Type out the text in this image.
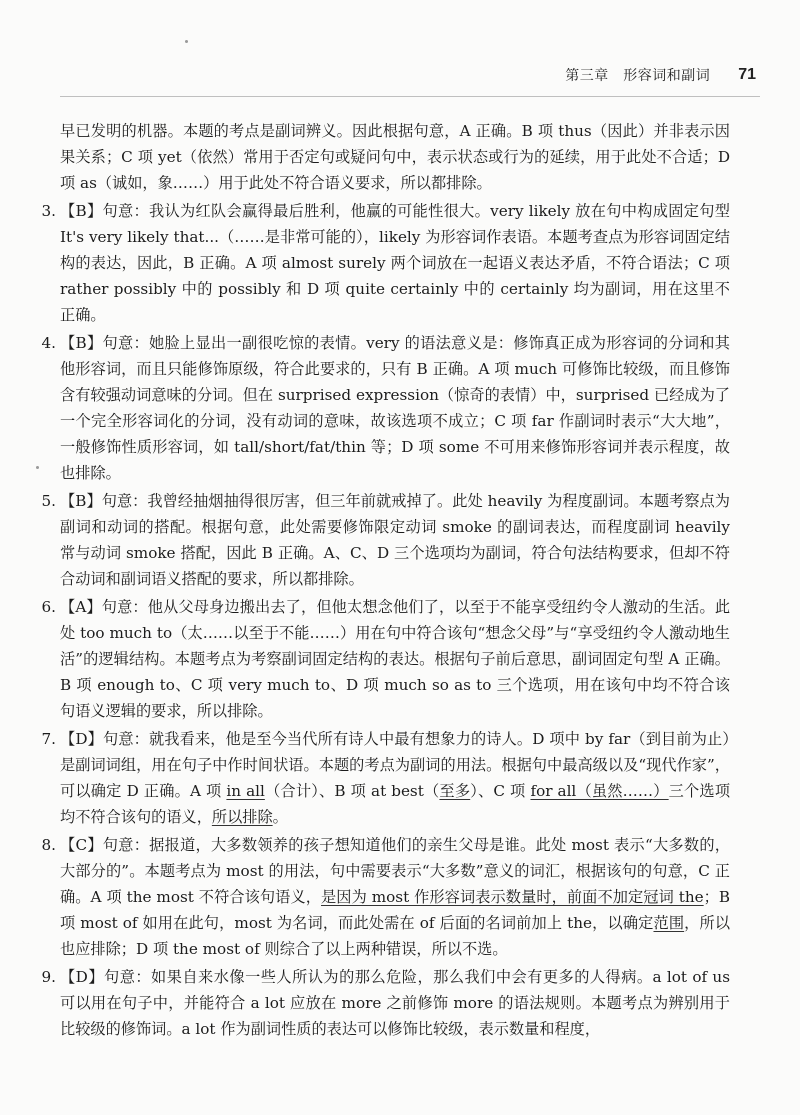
第三章　形容词和副词 71

早已发明的机器。本题的考点是副词辨义。因此根据句意，A 正确。B 项 thus（因此）并非表示因果关系；C 项 yet（依然）常用于否定句或疑问句中，表示状态或行为的延续，用于此处不合适；D 项 as（诚如，象……）用于此处不符合语义要求，所以都排除。

3. 【B】句意：我认为红队会赢得最后胜利，他赢的可能性很大。very likely 放在句中构成固定句型 It's very likely that...（……是非常可能的），likely 为形容词作表语。本题考查点为形容词固定结构的表达，因此，B 正确。A 项 almost surely 两个词放在一起语义表达矛盾，不符合语法；C 项 rather possibly 中的 possibly 和 D 项 quite certainly 中的 certainly 均为副词，用在这里不正确。

4. 【B】句意：她脸上显出一副很吃惊的表情。very 的语法意义是：修饰真正成为形容词的分词和其他形容词，而且只能修饰原级，符合此要求的，只有 B 正确。A 项 much 可修饰比较级，而且修饰含有较强动词意味的分词。但在 surprised expression（惊奇的表情）中，surprised 已经成为了一个完全形容词化的分词，没有动词的意味，故该选项不成立；C 项 far 作副词时表示“大大地”，一般修饰性质形容词，如 tall/short/fat/thin 等；D 项 some 不可用来修饰形容词并表示程度，故也排除。

5. 【B】句意：我曾经抽烟抽得很厉害，但三年前就戒掉了。此处 heavily 为程度副词。本题考察点为副词和动词的搭配。根据句意，此处需要修饰限定动词 smoke 的副词表达，而程度副词 heavily 常与动词 smoke 搭配，因此 B 正确。A、C、D 三个选项均为副词，符合句法结构要求，但却不符合动词和副词语义搭配的要求，所以都排除。

6. 【A】句意：他从父母身边搬出去了，但他太想念他们了，以至于不能享受纽约令人激动的生活。此处 too much to（太……以至于不能……）用在句中符合该句“想念父母”与“享受纽约令人激动地生活”的逻辑结构。本题考点为考察副词固定结构的表达。根据句子前后意思，副词固定句型 A 正确。B 项 enough to、C 项 very much to、D 项 much so as to 三个选项，用在该句中均不符合该句语义逻辑的要求，所以排除。

7. 【D】句意：就我看来，他是至今当代所有诗人中最有想象力的诗人。D 项中 by far（到目前为止）是副词词组，用在句子中作时间状语。本题的考点为副词的用法。根据句中最高级以及“现代作家”，可以确定 D 正确。A 项 in all（合计）、B 项 at best（至多）、C 项 for all（虽然……）三个选项均不符合该句的语义，所以排除。

8. 【C】句意：据报道，大多数领养的孩子想知道他们的亲生父母是谁。此处 most 表示“大多数的，大部分的”。本题考点为 most 的用法，句中需要表示“大多数”意义的词汇，根据该句的句意，C 正确。A 项 the most 不符合该句语义，是因为 most 作形容词表示数量时，前面不加定冠词 the；B 项 most of 如用在此句，most 为名词，而此处需在 of 后面的名词前加上 the，以确定范围，所以也应排除；D 项 the most of 则综合了以上两种错误，所以不选。

9. 【D】句意：如果自来水像一些人所认为的那么危险，那么我们中会有更多的人得病。a lot of us 可以用在句子中，并能符合 a lot 应放在 more 之前修饰 more 的语法规则。本题考点为辨别用于比较级的修饰词。a lot 作为副词性质的表达可以修饰比较级，表示数量和程度，
